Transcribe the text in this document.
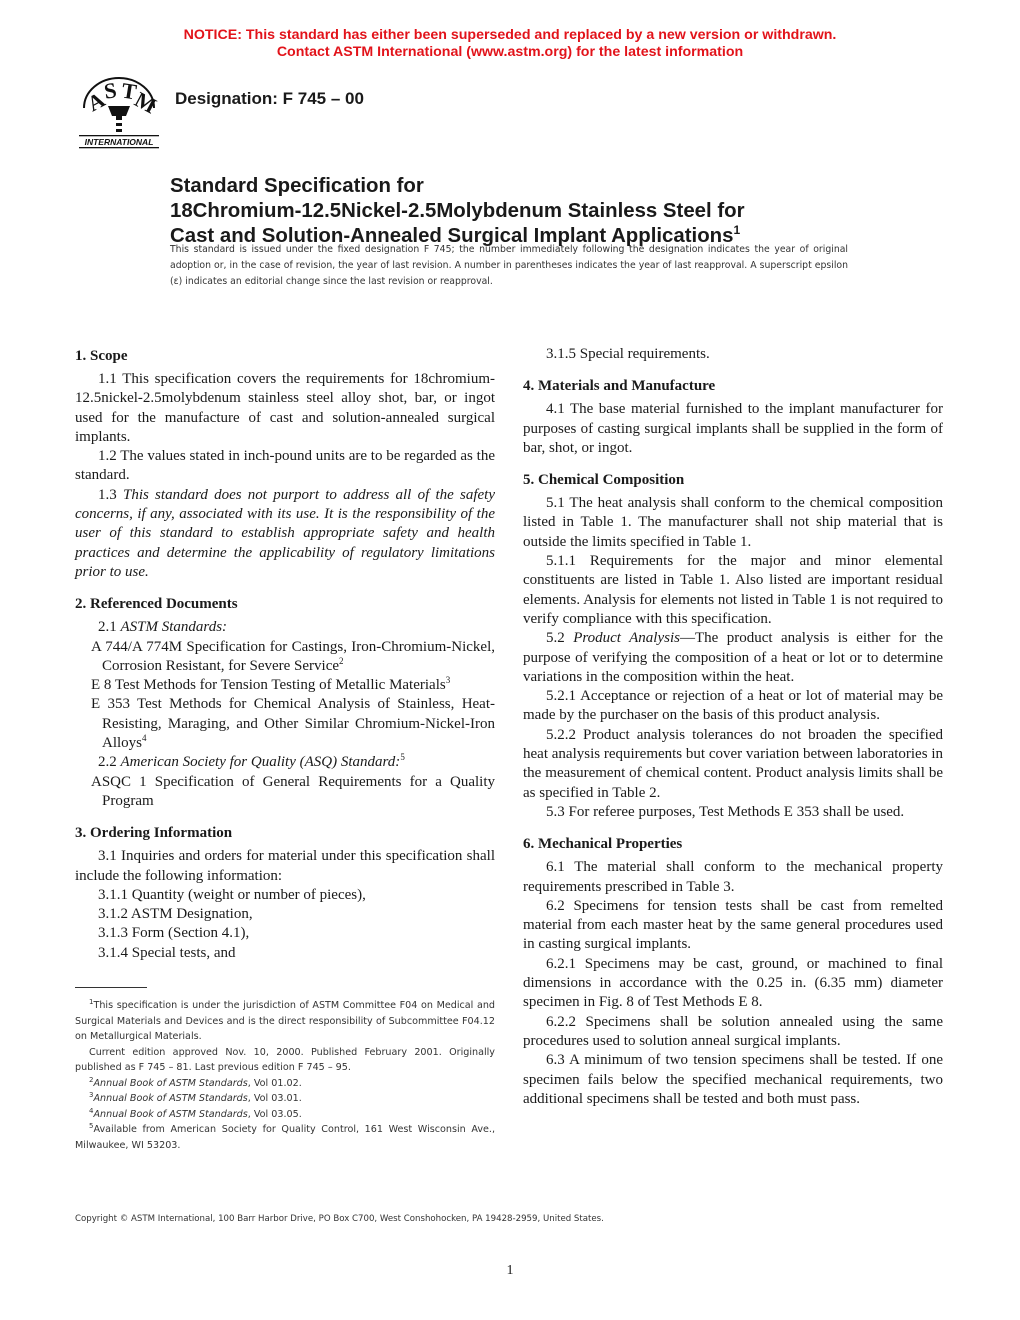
NOTICE: This standard has either been superseded and replaced by a new version or withdrawn.
Contact ASTM International (www.astm.org) for the latest information
A
S T
M
INTERNATIONAL
Designation: F 745 – 00
Standard Specification for
18Chromium-12.5Nickel-2.5Molybdenum Stainless Steel for
Cast and Solution-Annealed Surgical Implant Applications$^1$
This standard is issued under the fixed designation F 745; the number immediately following the designation indicates the year of original adoption or, in the case of revision, the year of last revision. A number in parentheses indicates the year of last reapproval. A superscript epsilon (ε) indicates an editorial change since the last revision or reapproval.
1. Scope

1.1 This specification covers the requirements for 18chromium-12.5nickel-2.5molybdenum stainless steel alloy shot, bar, or ingot used for the manufacture of cast and solution-annealed surgical implants.

1.2 The values stated in inch-pound units are to be regarded as the standard.

1.3 This standard does not purport to address all of the safety concerns, if any, associated with its use. It is the responsibility of the user of this standard to establish appropriate safety and health practices and determine the applicability of regulatory limitations prior to use.

2. Referenced Documents

2.1 ASTM Standards:

A 744/A 774M Specification for Castings, Iron-Chromium-Nickel, Corrosion Resistant, for Severe Service$^2$

E 8 Test Methods for Tension Testing of Metallic Materials$^3$

E 353 Test Methods for Chemical Analysis of Stainless, Heat-Resisting, Maraging, and Other Similar Chromium-Nickel-Iron Alloys$^4$

2.2 American Society for Quality (ASQ) Standard:$^5$

ASQC 1 Specification of General Requirements for a Quality Program

3. Ordering Information

3.1 Inquiries and orders for material under this specification shall include the following information:

3.1.1 Quantity (weight or number of pieces),

3.1.2 ASTM Designation,

3.1.3 Form (Section 4.1),

3.1.4 Special tests, and

3.1.5 Special requirements.

4. Materials and Manufacture

4.1 The base material furnished to the implant manufacturer for purposes of casting surgical implants shall be supplied in the form of bar, shot, or ingot.

5. Chemical Composition

5.1 The heat analysis shall conform to the chemical composition listed in Table 1. The manufacturer shall not ship material that is outside the limits specified in Table 1.

5.1.1 Requirements for the major and minor elemental constituents are listed in Table 1. Also listed are important residual elements. Analysis for elements not listed in Table 1 is not required to verify compliance with this specification.

5.2 Product Analysis—The product analysis is either for the purpose of verifying the composition of a heat or lot or to determine variations in the composition within the heat.

5.2.1 Acceptance or rejection of a heat or lot of material may be made by the purchaser on the basis of this product analysis.

5.2.2 Product analysis tolerances do not broaden the specified heat analysis requirements but cover variation between laboratories in the measurement of chemical content. Product analysis limits shall be as specified in Table 2.

5.3 For referee purposes, Test Methods E 353 shall be used.

6. Mechanical Properties

6.1 The material shall conform to the mechanical property requirements prescribed in Table 3.

6.2 Specimens for tension tests shall be cast from remelted material from each master heat by the same general procedures used in casting surgical implants.

6.2.1 Specimens may be cast, ground, or machined to final dimensions in accordance with the 0.25 in. (6.35 mm) diameter specimen in Fig. 8 of Test Methods E 8.

6.2.2 Specimens shall be solution annealed using the same procedures used to solution anneal surgical implants.

6.3 A minimum of two tension specimens shall be tested. If one specimen fails below the specified mechanical requirements, two additional specimens shall be tested and both must pass.

$^1$This specification is under the jurisdiction of ASTM Committee F04 on Medical and Surgical Materials and Devices and is the direct responsibility of Subcommittee F04.12 on Metallurgical Materials.

Current edition approved Nov. 10, 2000. Published February 2001. Originally published as F 745 – 81. Last previous edition F 745 – 95.

$^2$Annual Book of ASTM Standards, Vol 01.02.

$^3$Annual Book of ASTM Standards, Vol 03.01.

$^4$Annual Book of ASTM Standards, Vol 03.05.

$^5$Available from American Society for Quality Control, 161 West Wisconsin Ave., Milwaukee, WI 53203.

Copyright © ASTM International, 100 Barr Harbor Drive, PO Box C700, West Conshohocken, PA 19428-2959, United States.
1
